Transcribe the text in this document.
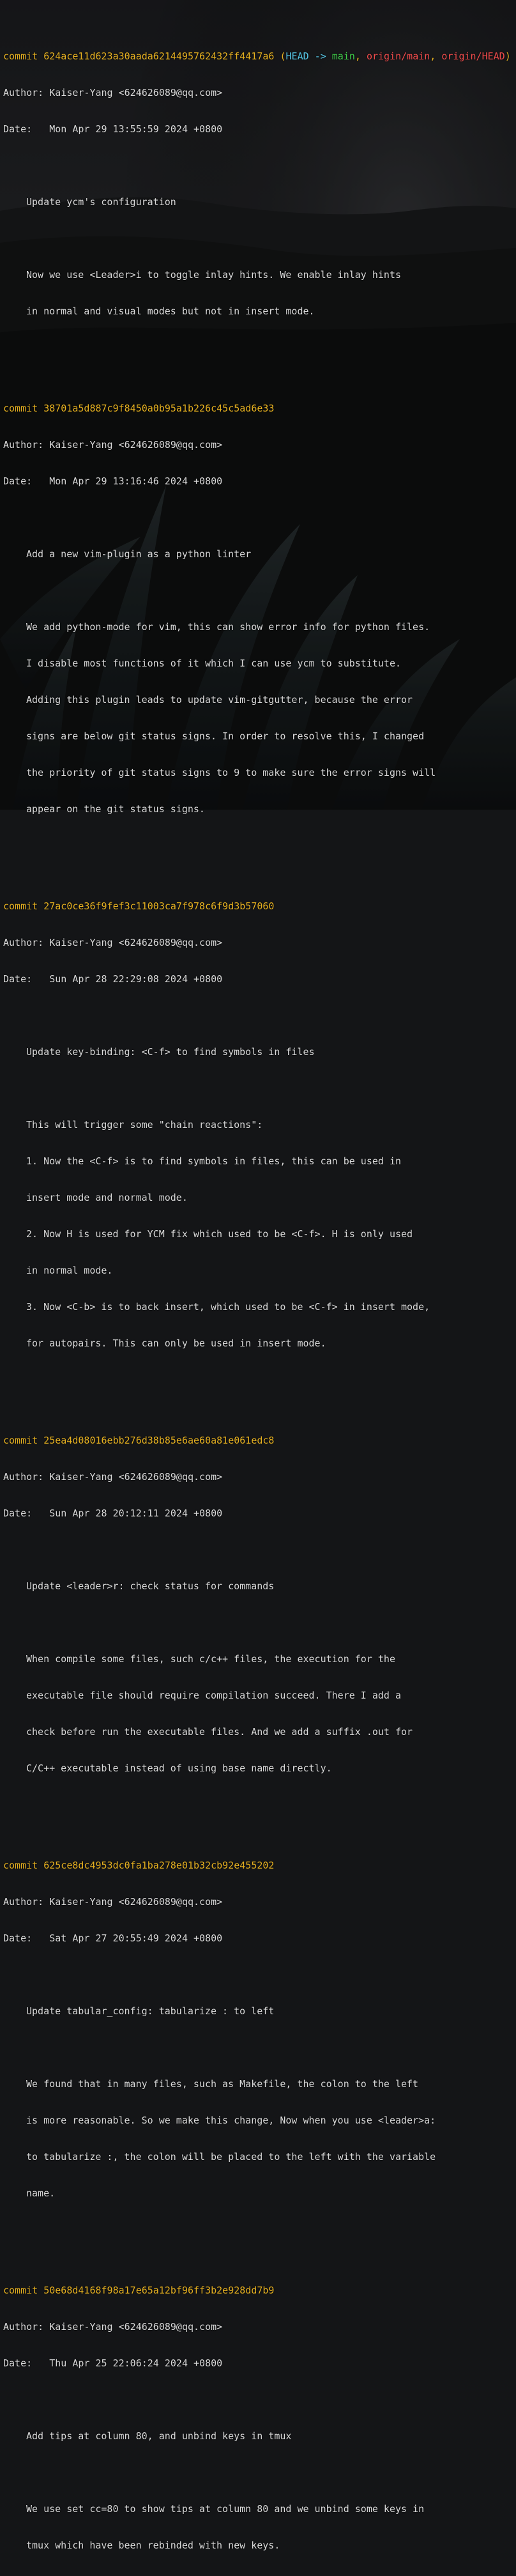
commit 624ace11d623a30aada6214495762432ff4417a6 (HEAD -> main, origin/main, origin/HEAD)

Author: Kaiser-Yang <624626089@qq.com>

Date: Mon Apr 29 13:55:59 2024 +0800

Update ycm's configuration

Now we use <Leader>i to toggle inlay hints. We enable inlay hints

in normal and visual modes but not in insert mode.

commit 38701a5d887c9f8450a0b95a1b226c45c5ad6e33

Author: Kaiser-Yang <624626089@qq.com>

Date: Mon Apr 29 13:16:46 2024 +0800

Add a new vim-plugin as a python linter

We add python-mode for vim, this can show error info for python files.

I disable most functions of it which I can use ycm to substitute.

Adding this plugin leads to update vim-gitgutter, because the error

signs are below git status signs. In order to resolve this, I changed

the priority of git status signs to 9 to make sure the error signs will

appear on the git status signs.

commit 27ac0ce36f9fef3c11003ca7f978c6f9d3b57060

Author: Kaiser-Yang <624626089@qq.com>

Date: Sun Apr 28 22:29:08 2024 +0800

Update key-binding: <C-f> to find symbols in files

This will trigger some "chain reactions":

1. Now the <C-f> is to find symbols in files, this can be used in

insert mode and normal mode.

2. Now H is used for YCM fix which used to be <C-f>. H is only used

in normal mode.

3. Now <C-b> is to back insert, which used to be <C-f> in insert mode,

for autopairs. This can only be used in insert mode.

commit 25ea4d08016ebb276d38b85e6ae60a81e061edc8

Author: Kaiser-Yang <624626089@qq.com>

Date: Sun Apr 28 20:12:11 2024 +0800

Update <leader>r: check status for commands

When compile some files, such c/c++ files, the execution for the

executable file should require compilation succeed. There I add a

check before run the executable files. And we add a suffix .out for

C/C++ executable instead of using base name directly.

commit 625ce8dc4953dc0fa1ba278e01b32cb92e455202

Author: Kaiser-Yang <624626089@qq.com>

Date: Sat Apr 27 20:55:49 2024 +0800

Update tabular_config: tabularize : to left

We found that in many files, such as Makefile, the colon to the left

is more reasonable. So we make this change, Now when you use <leader>a:

to tabularize :, the colon will be placed to the left with the variable

name.

commit 50e68d4168f98a17e65a12bf96ff3b2e928dd7b9

Author: Kaiser-Yang <624626089@qq.com>

Date: Thu Apr 25 22:06:24 2024 +0800

Add tips at column 80, and unbind keys in tmux

We use set cc=80 to show tips at column 80 and we unbind some keys in

tmux which have been rebinded with new keys.
